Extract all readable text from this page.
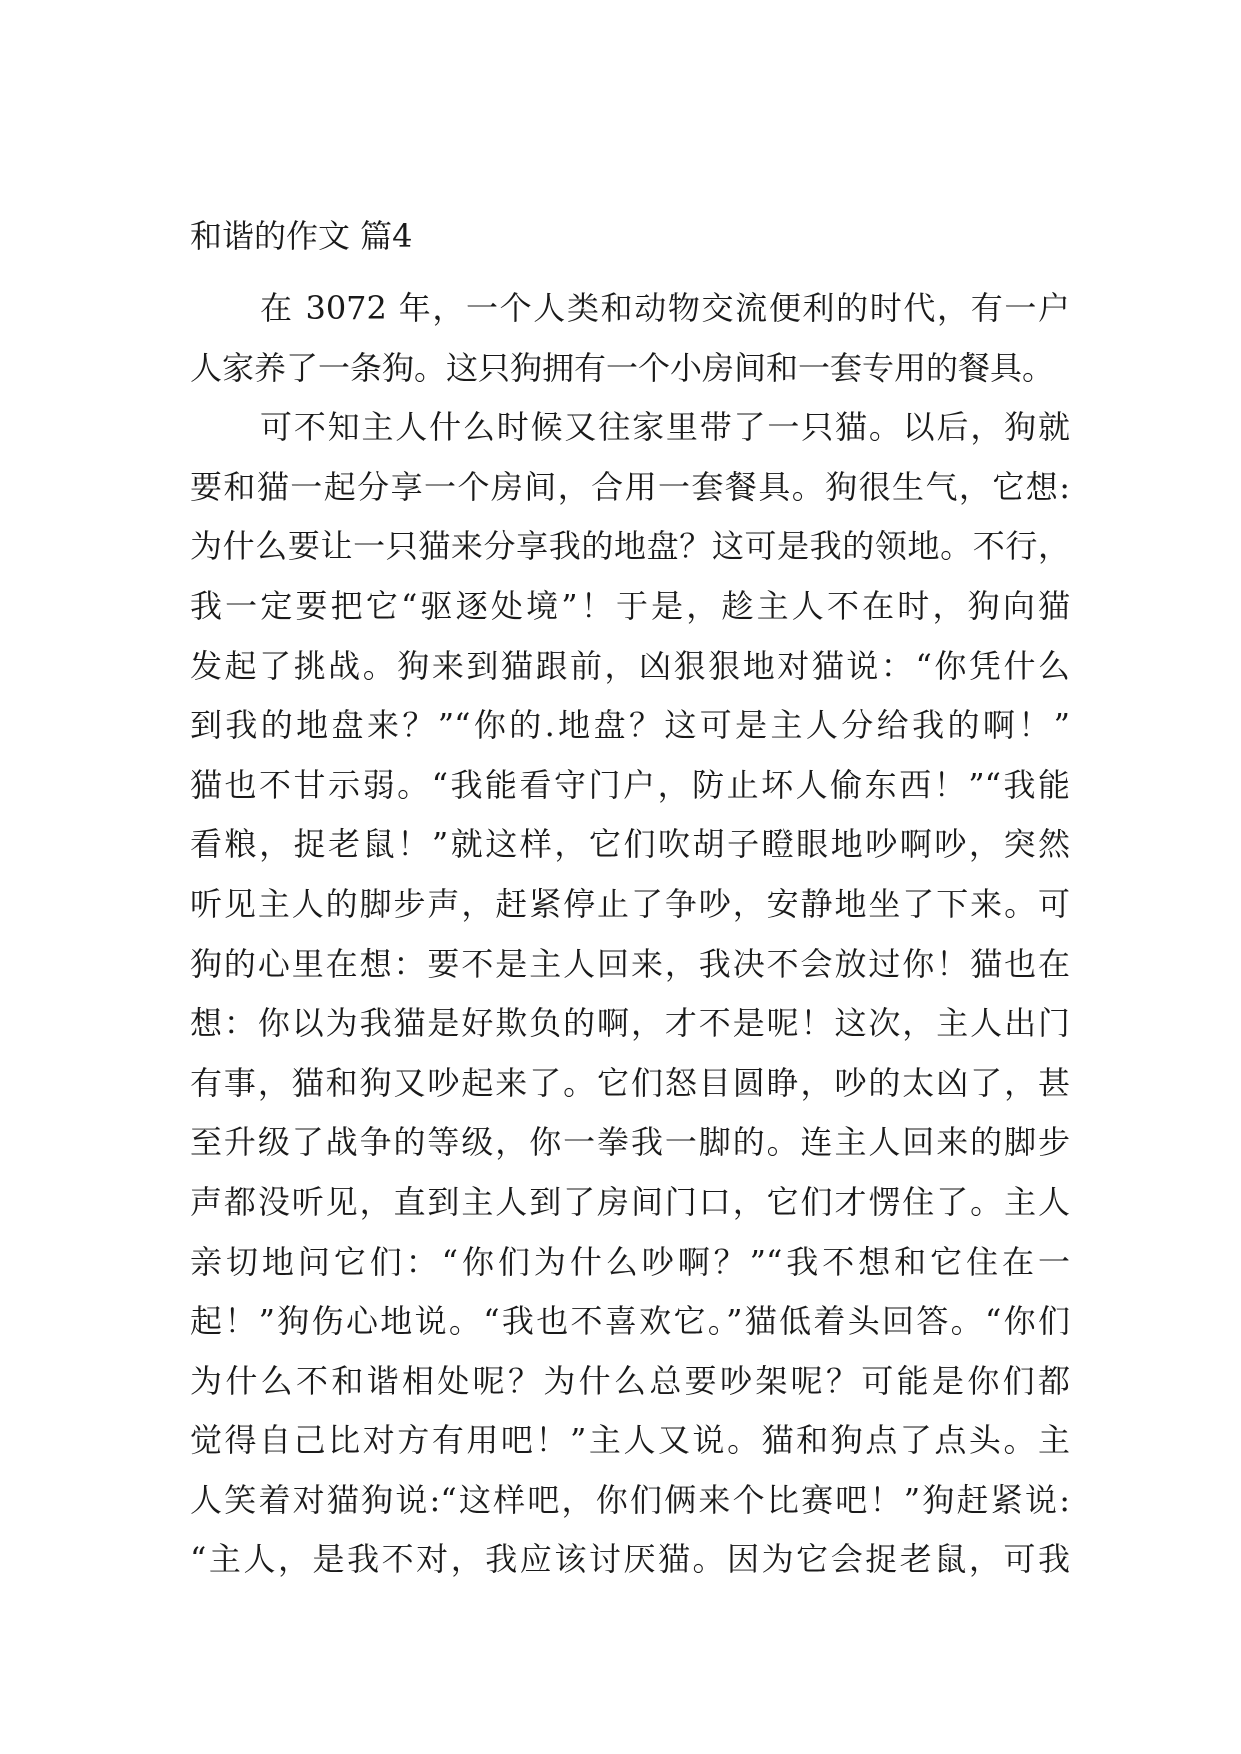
和谐的作文 篇4
在 3072 年，一个人类和动物交流便利的时代，有一户
人家养了一条狗。这只狗拥有一个小房间和一套专用的餐具。
可不知主人什么时候又往家里带了一只猫。以后，狗就
要和猫一起分享一个房间，合用一套餐具。狗很生气，它想:
为什么要让一只猫来分享我的地盘？这可是我的领地。不行，
我一定要把它“驱逐处境”！于是，趁主人不在时，狗向猫
发起了挑战。狗来到猫跟前，凶狠狠地对猫说：“你凭什么
到我的地盘来？”“你的.地盘？这可是主人分给我的啊！”
猫也不甘示弱。“我能看守门户，防止坏人偷东西！”“我能
看粮，捉老鼠！”就这样，它们吹胡子瞪眼地吵啊吵，突然
听见主人的脚步声，赶紧停止了争吵，安静地坐了下来。可
狗的心里在想：要不是主人回来，我决不会放过你！猫也在
想：你以为我猫是好欺负的啊，才不是呢！这次，主人出门
有事，猫和狗又吵起来了。它们怒目圆睁，吵的太凶了，甚
至升级了战争的等级，你一拳我一脚的。连主人回来的脚步
声都没听见，直到主人到了房间门口，它们才愣住了。主人
亲切地问它们：“你们为什么吵啊？”“我不想和它住在一
起！”狗伤心地说。“我也不喜欢它。”猫低着头回答。“你们
为什么不和谐相处呢？为什么总要吵架呢？可能是你们都
觉得自己比对方有用吧！”主人又说。猫和狗点了点头。主
人笑着对猫狗说:“这样吧，你们俩来个比赛吧！”狗赶紧说:
“主人，是我不对，我应该讨厌猫。因为它会捉老鼠，可我
